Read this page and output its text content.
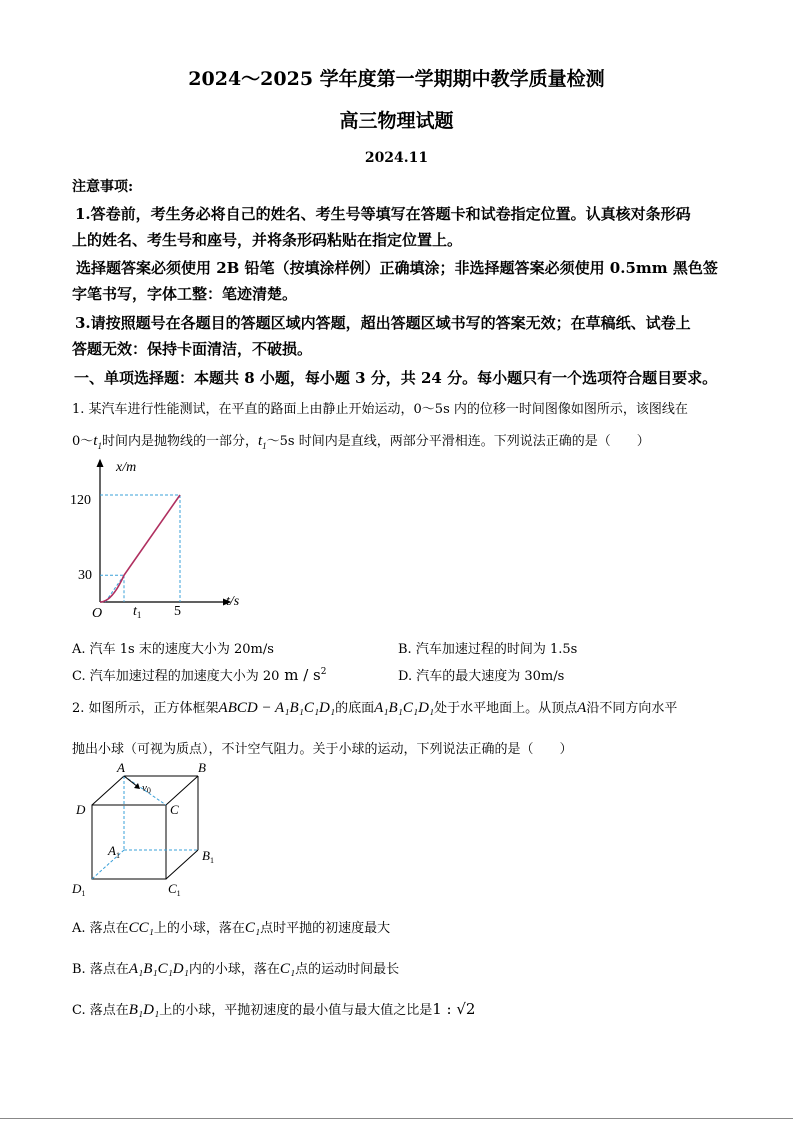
2024～2025 学年度第一学期期中教学质量检测
高三物理试题
2024.11
注意事项:
1.答卷前，考生务必将自己的姓名、考生号等填写在答题卡和试卷指定位置。认真核对条形码
上的姓名、考生号和座号，并将条形码粘贴在指定位置上。
选择题答案必须使用 2B 铅笔（按填涂样例）正确填涂；非选择题答案必须使用 0.5mm 黑色签
字笔书写，字体工整：笔迹清楚。
3.请按照题号在各题目的答题区域内答题，超出答题区域书写的答案无效；在草稿纸、试卷上
答题无效：保持卡面清洁，不破损。
一、单项选择题：本题共 8 小题，每小题 3 分，共 24 分。每小题只有一个选项符合题目要求。
1. 某汽车进行性能测试，在平直的路面上由静止开始运动，0～5s 内的位移一时间图像如图所示，该图线在
$0\sim t_1$时间内是抛物线的一部分，$t_1\sim 5s$ 时间内是直线，两部分平滑相连。下列说法正确的是（　　）
x/m
t/s
O
120
30
$t_1$ 5
A. 汽车 1s 末的速度大小为 20m/s	B. 汽车加速过程的时间为 1.5s
C. 汽车加速过程的加速度大小为 20 m / $s^2$	D. 汽车的最大速度为 30m/s
2. 如图所示，正方体框架ABCD − A₁B₁C₁D₁的底面A₁B₁C₁D₁处于水平地面上。从顶点A沿不同方向水平
抛出小球（可视为质点），不计空气阻力。关于小球的运动，下列说法正确的是（　　）
v0
A	B
C
D
$A_1$	$B_1$
$C_1$
$D_1$
A. 落点在CC₁上的小球，落在C₁点时平抛的初速度最大
B. 落点在A₁B₁C₁D₁内的小球，落在C₁点的运动时间最长
C. 落点在B₁D₁上的小球，平抛初速度的最小值与最大值之比是1 : √2
